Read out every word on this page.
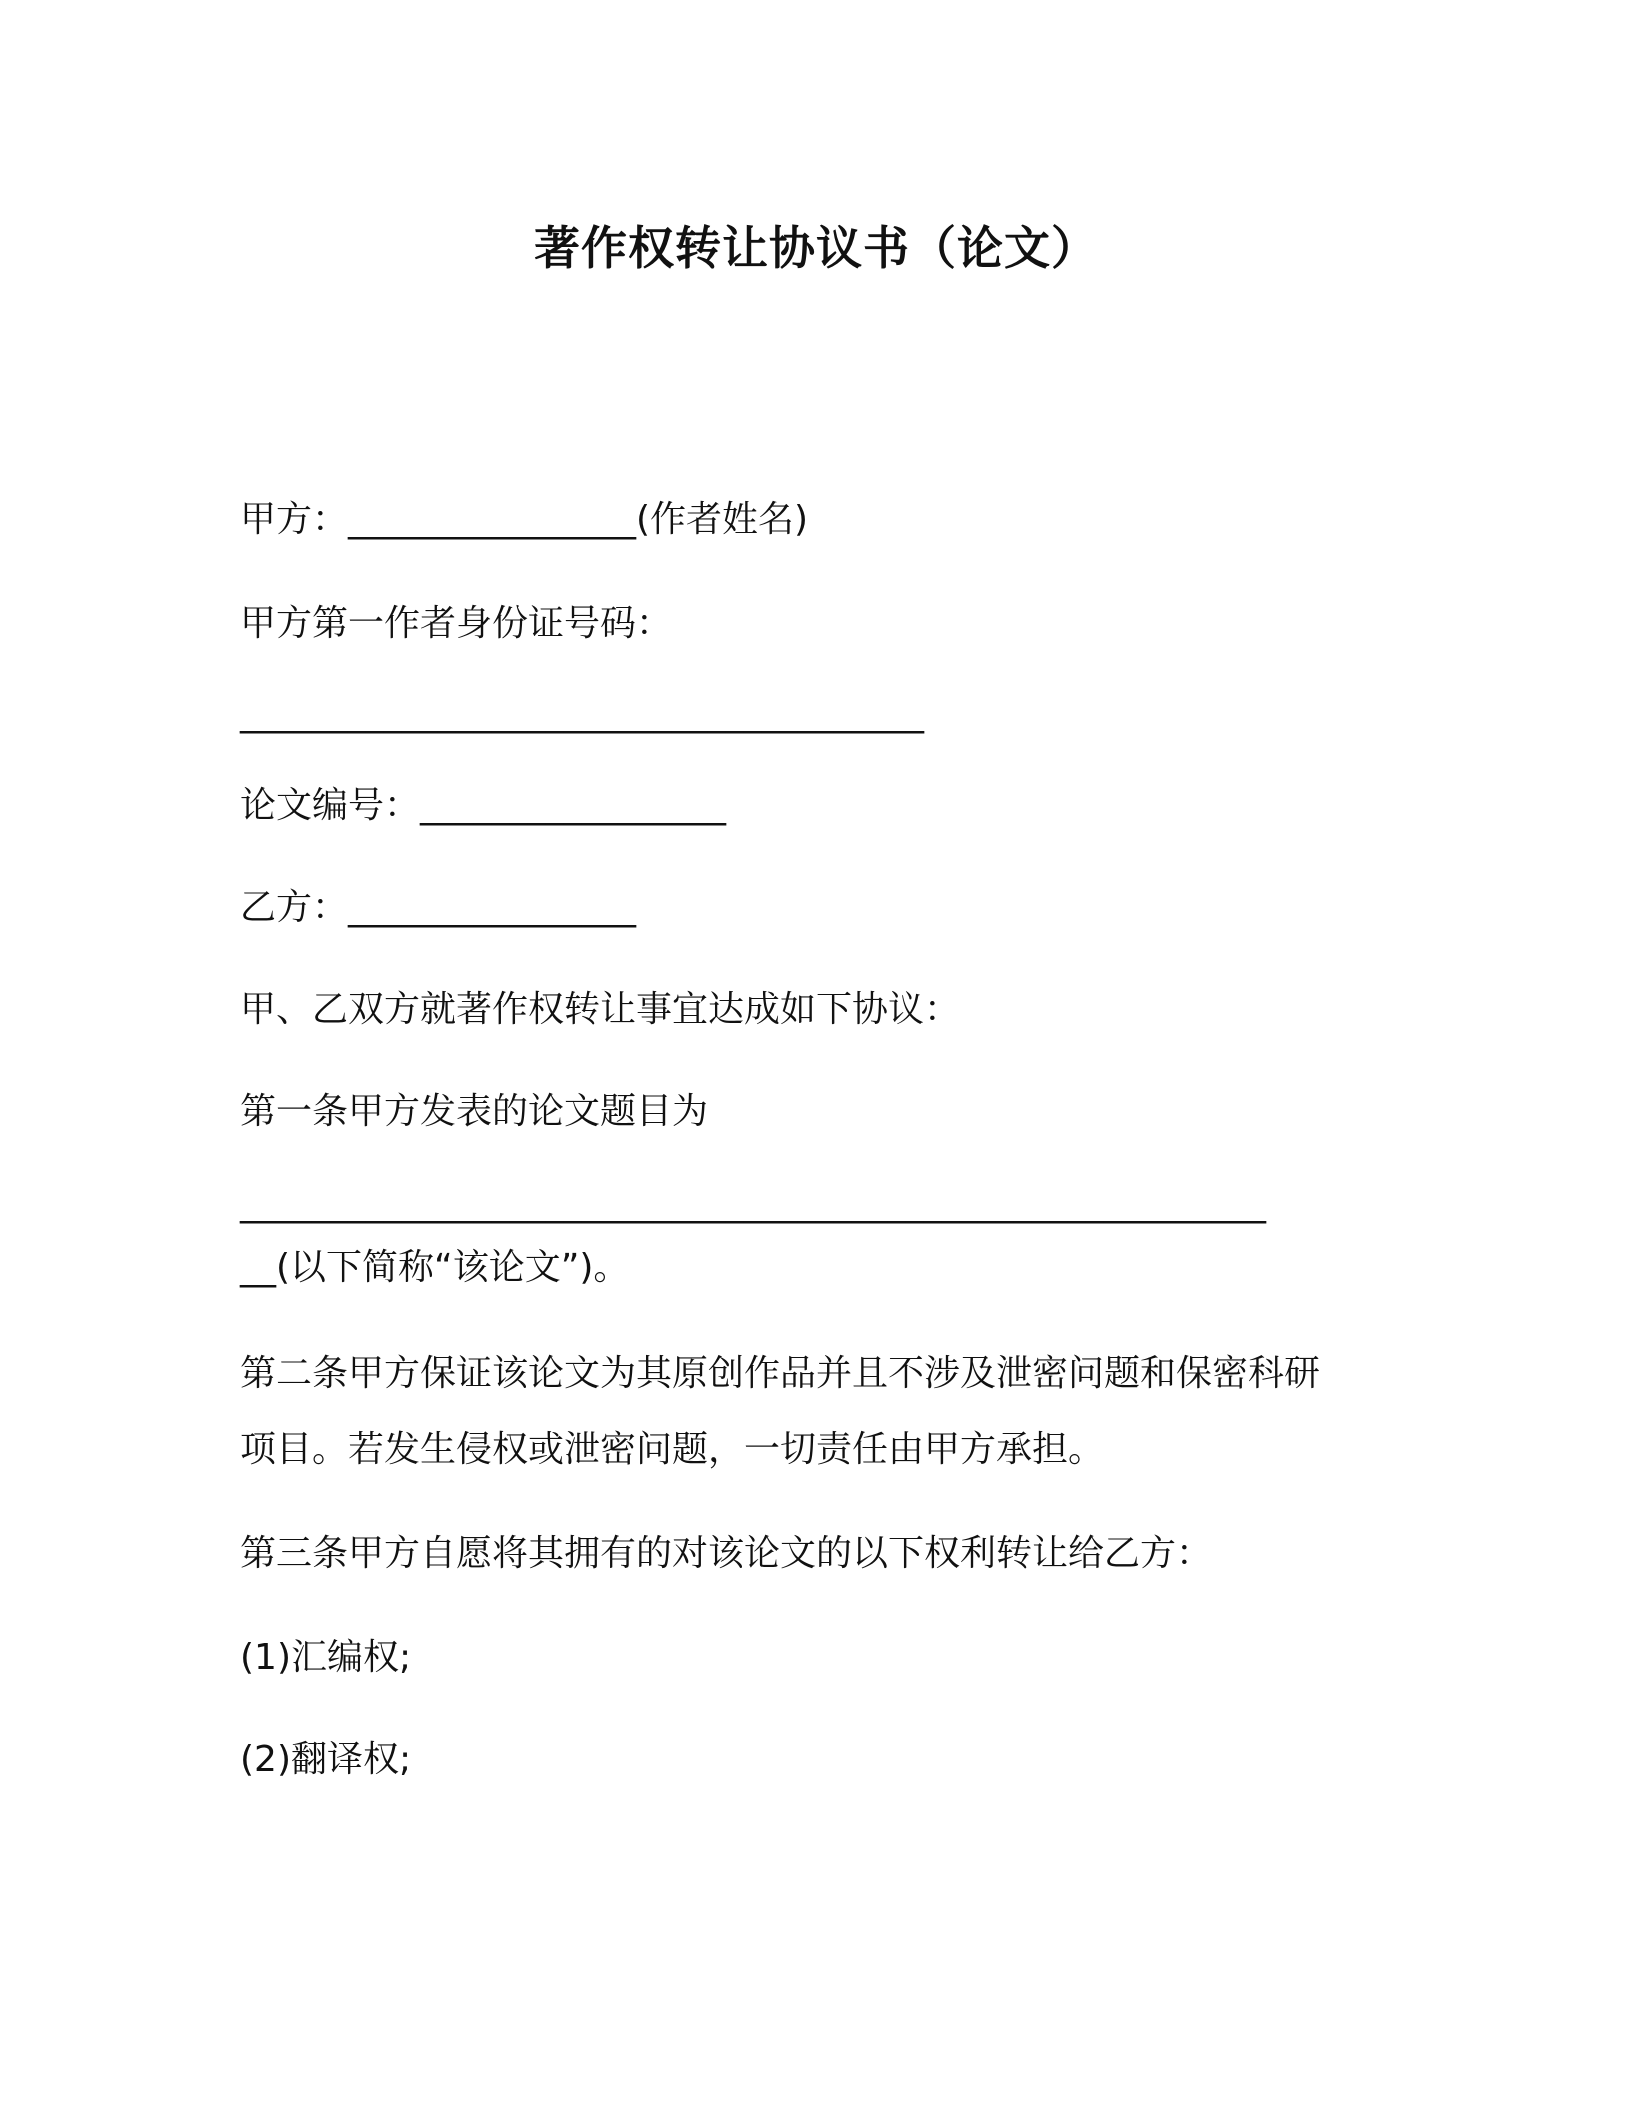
著作权转让协议书（论文）
甲方：________________(作者姓名)
甲方第一作者身份证号码：
______________________________________
论文编号：_________________
乙方：________________
甲、乙双方就著作权转让事宜达成如下协议：
第一条甲方发表的论文题目为
_________________________________________________________
__(以下简称“该论文”)。
第二条甲方保证该论文为其原创作品并且不涉及泄密问题和保密科研
项目。若发生侵权或泄密问题，一切责任由甲方承担。
第三条甲方自愿将其拥有的对该论文的以下权利转让给乙方：
(1)汇编权;
(2)翻译权;
